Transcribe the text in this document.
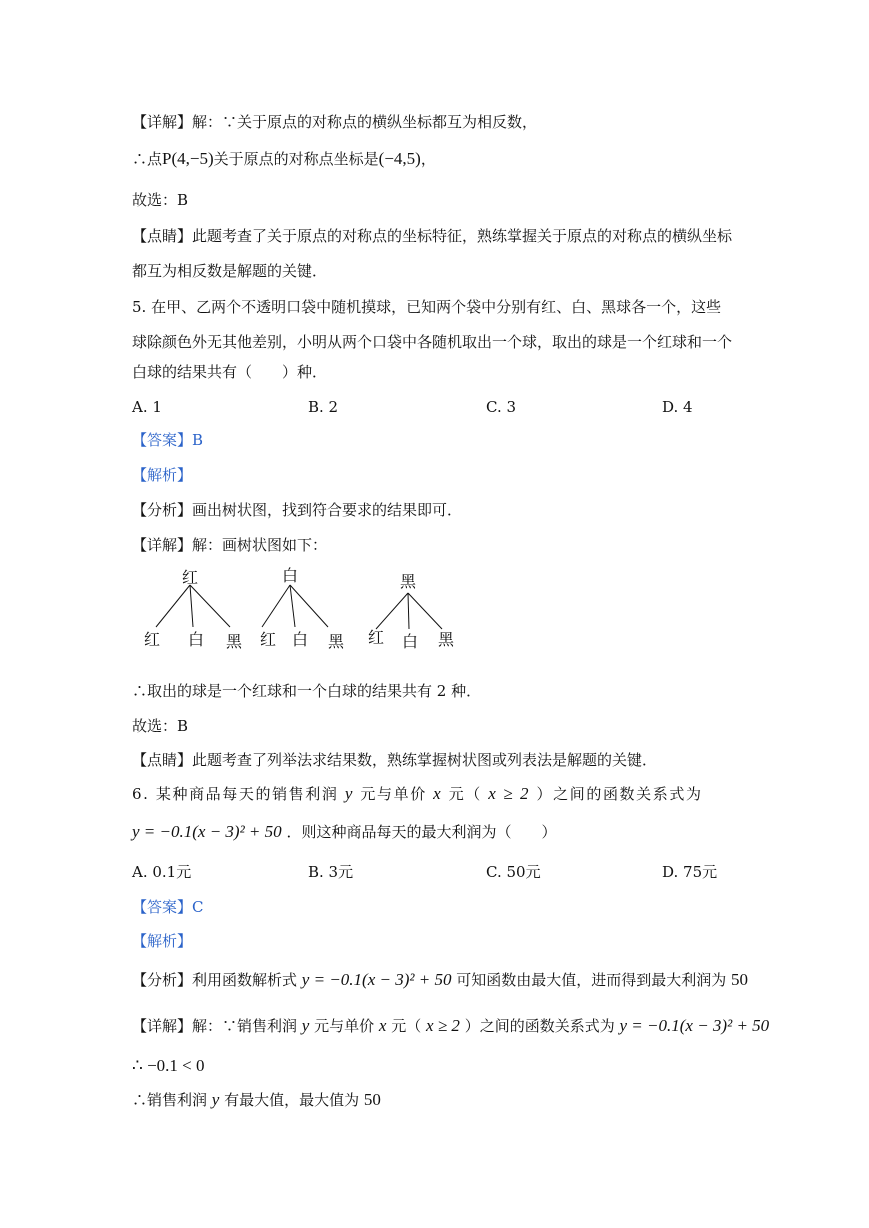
【详解】解：∵关于原点的对称点的横纵坐标都互为相反数，
∴点P(4,−5)关于原点的对称点坐标是(−4,5)，
故选：B
【点睛】此题考查了关于原点的对称点的坐标特征，熟练掌握关于原点的对称点的横纵坐标
都互为相反数是解题的关键．
5. 在甲、乙两个不透明口袋中随机摸球，已知两个袋中分别有红、白、黑球各一个，这些
球除颜色外无其他差别，小明从两个口袋中各随机取出一个球，取出的球是一个红球和一个
白球的结果共有（　　）种．
A. 1	B. 2	C. 3	D. 4
【答案】B
【解析】
【分析】画出树状图，找到符合要求的结果即可．
【详解】解：画树状图如下：
红	白	黑
红 白 黑 红 白 黑 红 白 黑
∴取出的球是一个红球和一个白球的结果共有 2 种．
故选：B
【点睛】此题考查了列举法求结果数，熟练掌握树状图或列表法是解题的关键．
6. 某种商品每天的销售利润 y 元与单价 x 元（ x ≥ 2 ）之间的函数关系式为
y = −0.1(x − 3)² + 50 ．则这种商品每天的最大利润为（　　）
A. 0.1元	B. 3元	C. 50元	D. 75元
【答案】C
【解析】
【分析】利用函数解析式 y = −0.1(x − 3)² + 50 可知函数由最大值，进而得到最大利润为 50
【详解】解：∵销售利润 y 元与单价 x 元（ x ≥ 2 ）之间的函数关系式为 y = −0.1(x − 3)² + 50
∴ −0.1 < 0
∴销售利润 y 有最大值，最大值为 50
